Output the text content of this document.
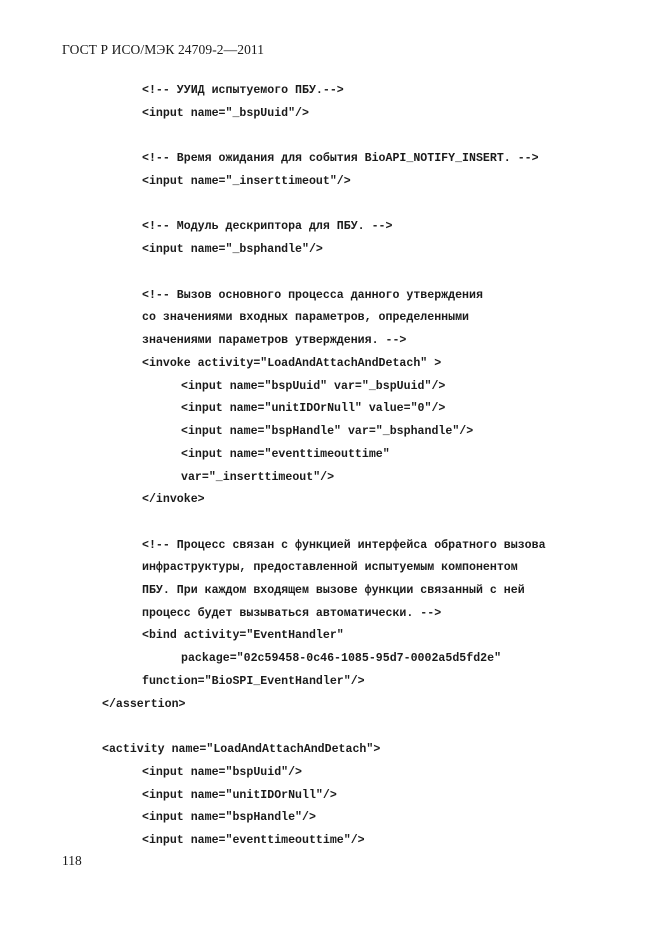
ГОСТ Р ИСО/МЭК 24709-2—2011
<!-- УУИД испытуемого ПБУ.-->
<input name="_bspUuid"/>
<!-- Время ожидания для события BioAPI_NOTIFY_INSERT. -->
<input name="_inserttimeout"/>
<!-- Модуль дескриптора для ПБУ. -->
<input name="_bsphandle"/>
<!-- Вызов основного процесса данного утверждения
со значениями входных параметров, определенными
значениями параметров утверждения. -->
<invoke activity="LoadAndAttachAndDetach" >
<input name="bspUuid" var="_bspUuid"/>
<input name="unitIDOrNull" value="0"/>
<input name="bspHandle" var="_bsphandle"/>
<input name="eventtimeouttime"
var="_inserttimeout"/>
</invoke>
<!-- Процесс связан с функцией интерфейса обратного вызова
инфраструктуры, предоставленной испытуемым компонентом
ПБУ. При каждом входящем вызове функции связанный с ней
процесс будет вызываться автоматически. -->
<bind activity="EventHandler"
package="02c59458-0c46-1085-95d7-0002a5d5fd2e"
function="BioSPI_EventHandler"/>
</assertion>
<activity name="LoadAndAttachAndDetach">
<input name="bspUuid"/>
<input name="unitIDOrNull"/>
<input name="bspHandle"/>
<input name="eventtimeouttime"/>
118
